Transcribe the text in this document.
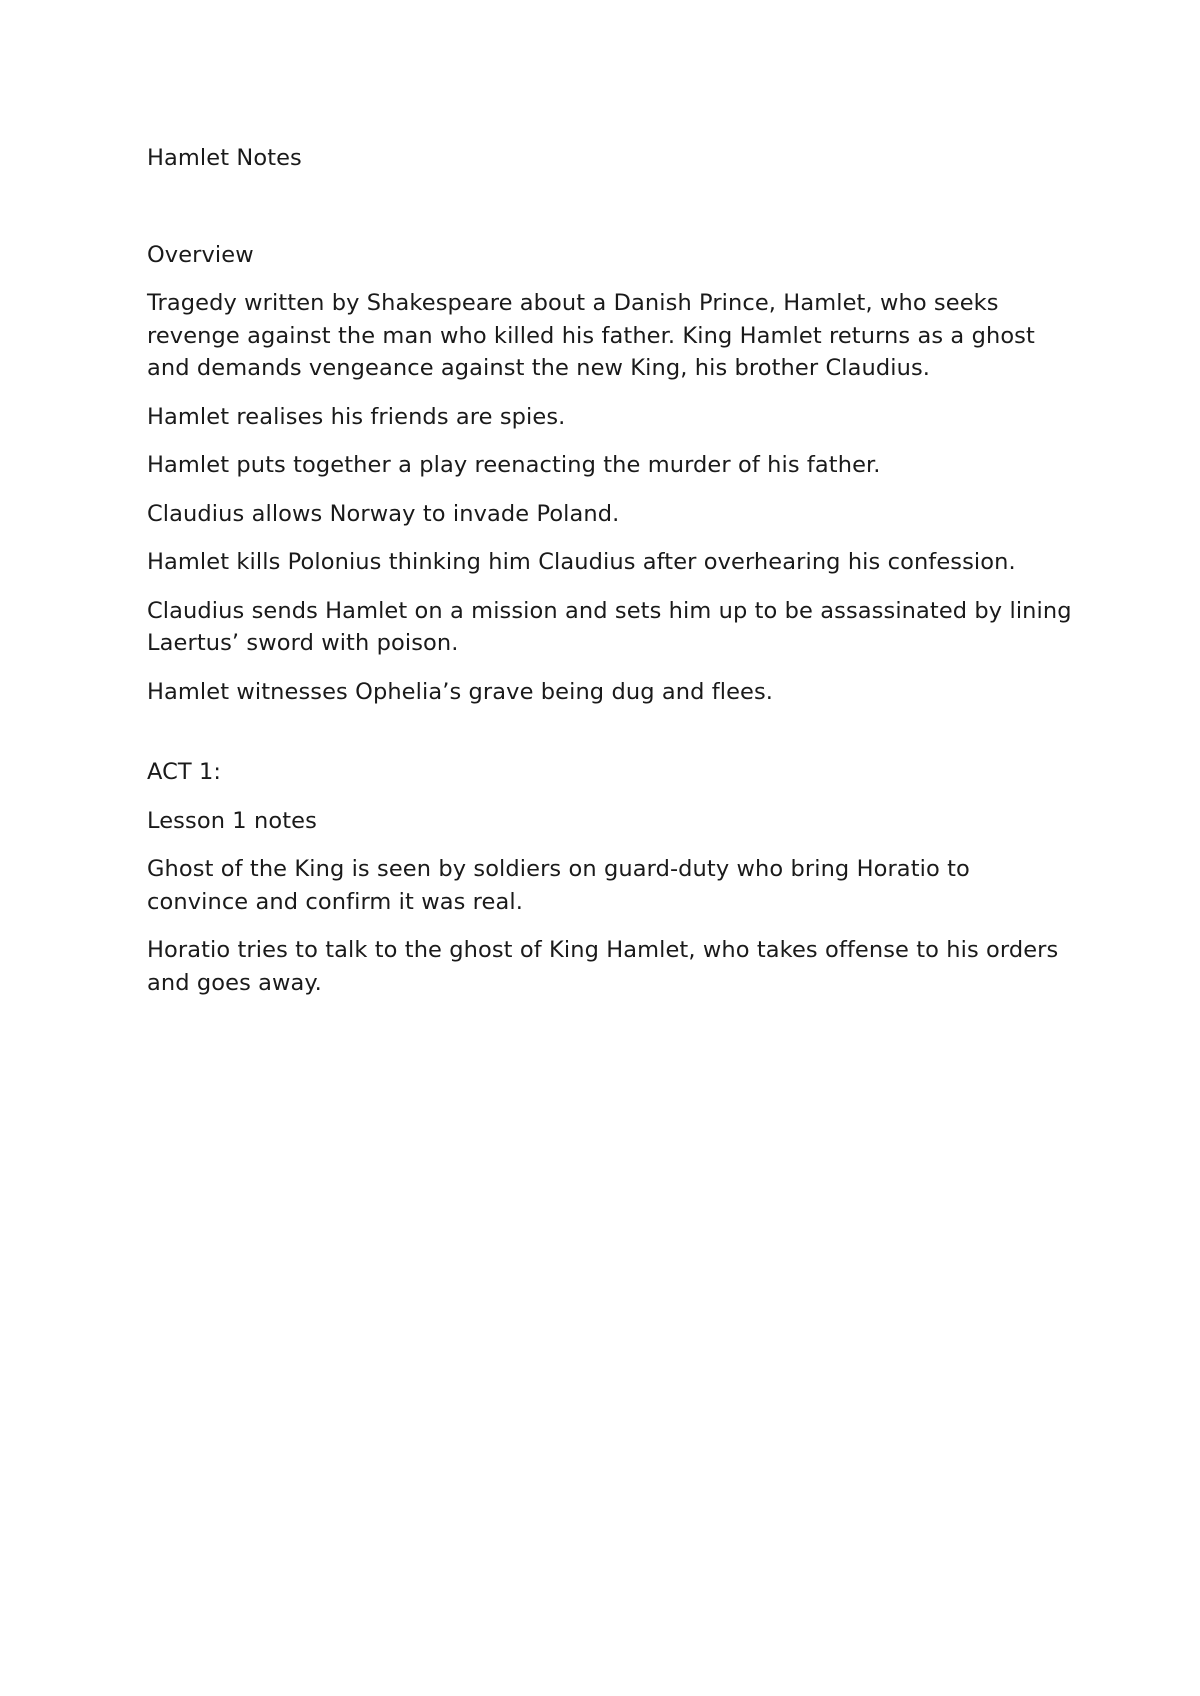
Hamlet Notes

Overview

Tragedy written by Shakespeare about a Danish Prince, Hamlet, who seeks revenge against the man who killed his father. King Hamlet returns as a ghost and demands vengeance against the new King, his brother Claudius.

Hamlet realises his friends are spies.

Hamlet puts together a play reenacting the murder of his father.

Claudius allows Norway to invade Poland.

Hamlet kills Polonius thinking him Claudius after overhearing his confession.

Claudius sends Hamlet on a mission and sets him up to be assassinated by lining Laertus’ sword with poison.

Hamlet witnesses Ophelia’s grave being dug and flees.

ACT 1:

Lesson 1 notes

Ghost of the King is seen by soldiers on guard-duty who bring Horatio to convince and confirm it was real.

Horatio tries to talk to the ghost of King Hamlet, who takes offense to his orders and goes away.
